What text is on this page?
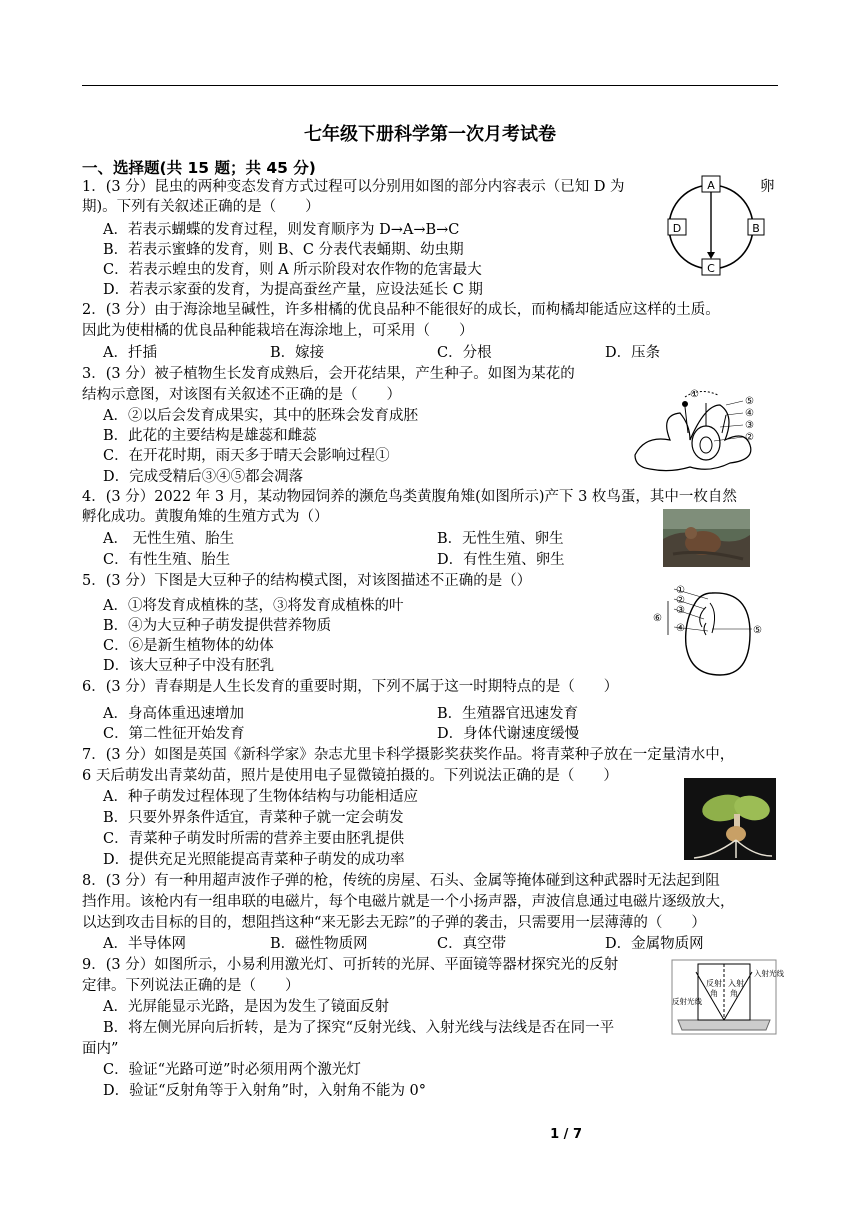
七年级下册科学第一次月考试卷
一、选择题(共 15 题；共 45 分)
1．(3 分）昆虫的两种变态发育方式过程可以分别用如图的部分内容表示（已知 D 为	卵
期)。下列有关叙述正确的是（　　）
A．若表示蝴蝶的发育过程，则发育顺序为 D→A→B→C
B．若表示蜜蜂的发育，则 B、C 分表代表蛹期、幼虫期
C．若表示蝗虫的发育，则 A 所示阶段对农作物的危害最大
D．若表示家蚕的发育，为提高蚕丝产量，应设法延长 C 期
A
B
C
D
2．(3 分）由于海涂地呈碱性，许多柑橘的优良品种不能很好的成长，而枸橘却能适应这样的土质。
因此为使柑橘的优良品种能栽培在海涂地上，可采用（　　）
A．扦插	B．嫁接	C．分根	D．压条
3．(3 分）被子植物生长发育成熟后，会开花结果，产生种子。如图为某花的
结构示意图，对该图有关叙述不正确的是（　　）
A．②以后会发育成果实，其中的胚珠会发育成胚
B．此花的主要结构是雄蕊和雌蕊
C．在开花时期，雨天多于晴天会影响过程①
D．完成受精后③④⑤都会凋落
⑤
④
③
②
①
4．(3 分）2022 年 3 月，某动物园饲养的濒危鸟类黄腹角雉(如图所示)产下 3 枚鸟蛋，其中一枚自然
孵化成功。黄腹角雉的生殖方式为（）
A． 无性生殖、胎生	B．无性生殖、卵生
C．有性生殖、胎生	D．有性生殖、卵生
5．(3 分）下图是大豆种子的结构模式图，对该图描述不正确的是（）
A．①将发育成植株的茎，③将发育成植株的叶
B．④为大豆种子萌发提供营养物质
C．⑥是新生植物体的幼体
D．该大豆种子中没有胚乳
①
②
③
④	⑤
⑥
6．(3 分）青春期是人生长发育的重要时期，下列不属于这一时期特点的是（　　）
A．身高体重迅速增加	B．生殖器官迅速发育
C．第二性征开始发育	D．身体代谢速度缓慢
7．(3 分）如图是英国《新科学家》杂志尤里卡科学摄影奖获奖作品。将青菜种子放在一定量清水中，
6 天后萌发出青菜幼苗，照片是使用电子显微镜拍摄的。下列说法正确的是（　　）
A．种子萌发过程体现了生物体结构与功能相适应
B．只要外界条件适宜，青菜种子就一定会萌发
C．青菜种子萌发时所需的营养主要由胚乳提供
D．提供充足光照能提高青菜种子萌发的成功率
8．(3 分）有一种用超声波作子弹的枪，传统的房屋、石头、金属等掩体碰到这种武器时无法起到阻
挡作用。该枪内有一组串联的电磁片，每个电磁片就是一个小扬声器，声波信息通过电磁片逐级放大，
以达到攻击目标的目的，想阻挡这种“来无影去无踪”的子弹的袭击，只需要用一层薄薄的（　　）
A．半导体网	B．磁性物质网	C．真空带	D．金属物质网
9．(3 分）如图所示，小易利用激光灯、可折转的光屏、平面镜等器材探究光的反射
定律。下列说法正确的是（　　）
A．光屏能显示光路，是因为发生了镜面反射
B．将左侧光屏向后折转，是为了探究“反射光线、入射光线与法线是否在同一平
面内”
C．验证“光路可逆”时必须用两个激光灯
D．验证“反射角等于入射角”时，入射角不能为 0°
反射
角
入射
角
反射光线
入射光线
1 / 7
